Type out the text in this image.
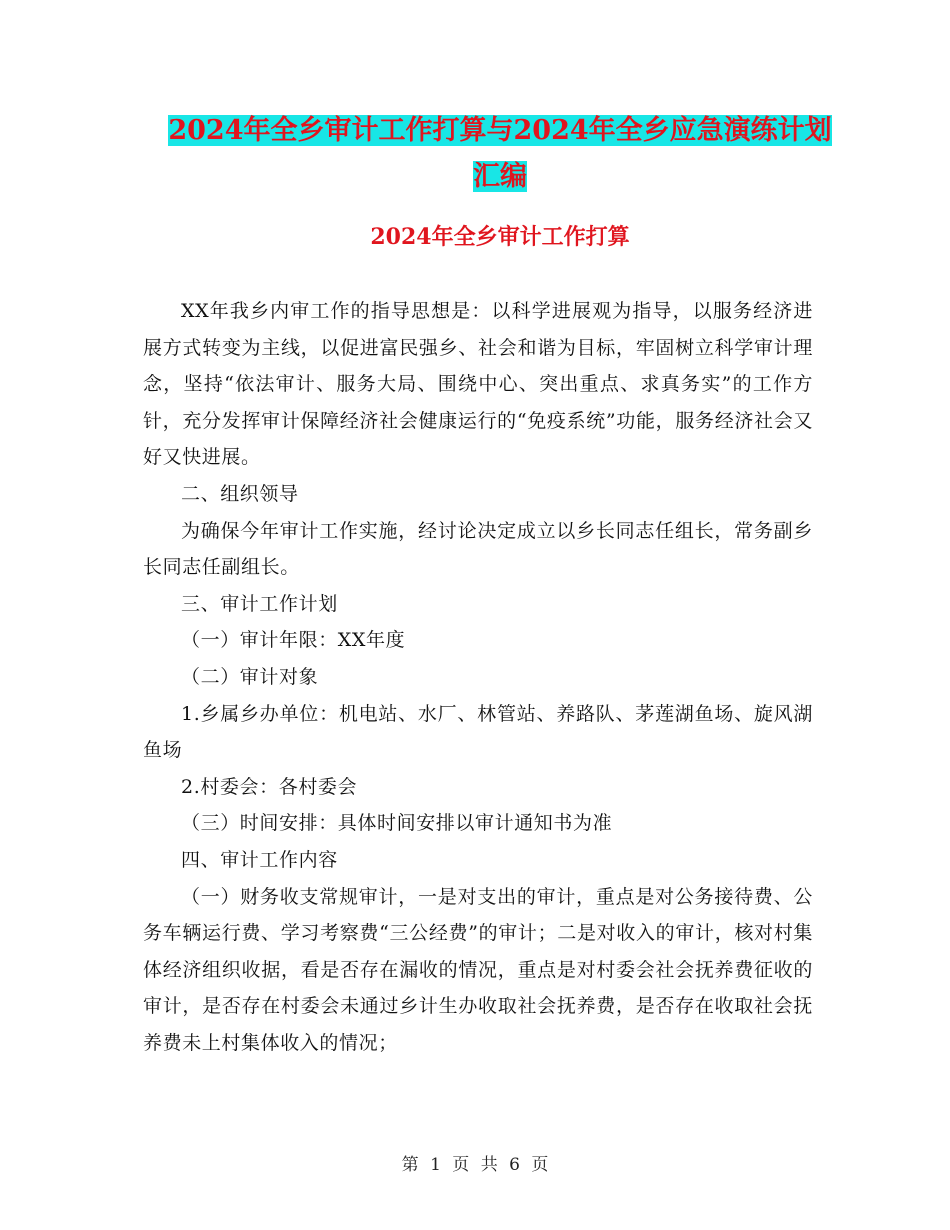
2024年全乡审计工作打算与2024年全乡应急演练计划
汇编
2024年全乡审计工作打算

XX年我乡内审工作的指导思想是：以科学进展观为指导，以服务经济进展方式转变为主线，以促进富民强乡、社会和谐为目标，牢固树立科学审计理念，坚持“依法审计、服务大局、围绕中心、突出重点、求真务实”的工作方针，充分发挥审计保障经济社会健康运行的“免疫系统”功能，服务经济社会又好又快进展。

二、组织领导

为确保今年审计工作实施，经讨论决定成立以乡长同志任组长，常务副乡长同志任副组长。

三、审计工作计划

（一）审计年限：XX年度

（二）审计对象

1.乡属乡办单位：机电站、水厂、林管站、养路队、茅莲湖鱼场、旋风湖鱼场

2.村委会：各村委会

（三）时间安排：具体时间安排以审计通知书为准

四、审计工作内容

（一）财务收支常规审计，一是对支出的审计，重点是对公务接待费、公务车辆运行费、学习考察费“三公经费”的审计；二是对收入的审计，核对村集体经济组织收据，看是否存在漏收的情况，重点是对村委会社会抚养费征收的审计，是否存在村委会未通过乡计生办收取社会抚养费，是否存在收取社会抚养费未上村集体收入的情况；

第 1 页 共 6 页
